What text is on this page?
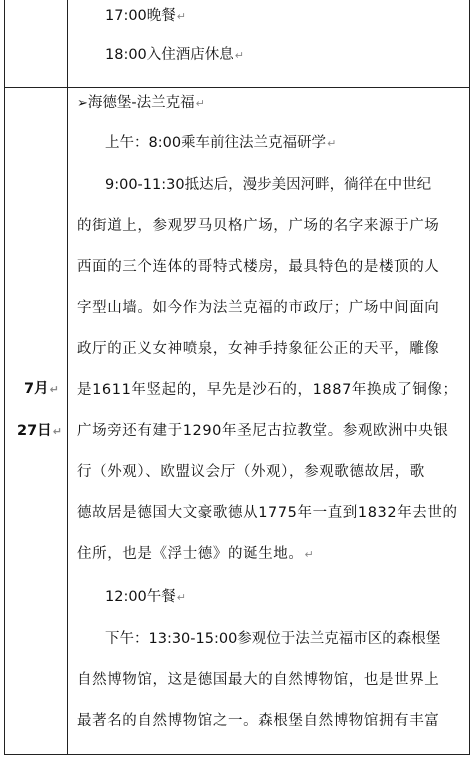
17:00晚餐↵
18:00入住酒店休息↵
7月↵
27日↵
➢海德堡-法兰克福↵
上午：8:00乘车前往法兰克福研学↵
9:00-11:30抵达后，漫步美因河畔，徜徉在中世纪
的街道上，参观罗马贝格广场，广场的名字来源于广场
西面的三个连体的哥特式楼房，最具特色的是楼顶的人
字型山墙。如今作为法兰克福的市政厅；广场中间面向
政厅的正义女神喷泉，女神手持象征公正的天平，雕像
是1611年竖起的，早先是沙石的，1887年换成了铜像；
广场旁还有建于1290年圣尼古拉教堂。参观欧洲中央银
行（外观）、欧盟议会厅（外观），参观歌德故居，歌
德故居是德国大文豪歌德从1775年一直到1832年去世的
住所，也是《浮士德》的诞生地。↵
12:00午餐↵
下午：13:30-15:00参观位于法兰克福市区的森根堡
自然博物馆，这是德国最大的自然博物馆，也是世界上
最著名的自然博物馆之一。森根堡自然博物馆拥有丰富
